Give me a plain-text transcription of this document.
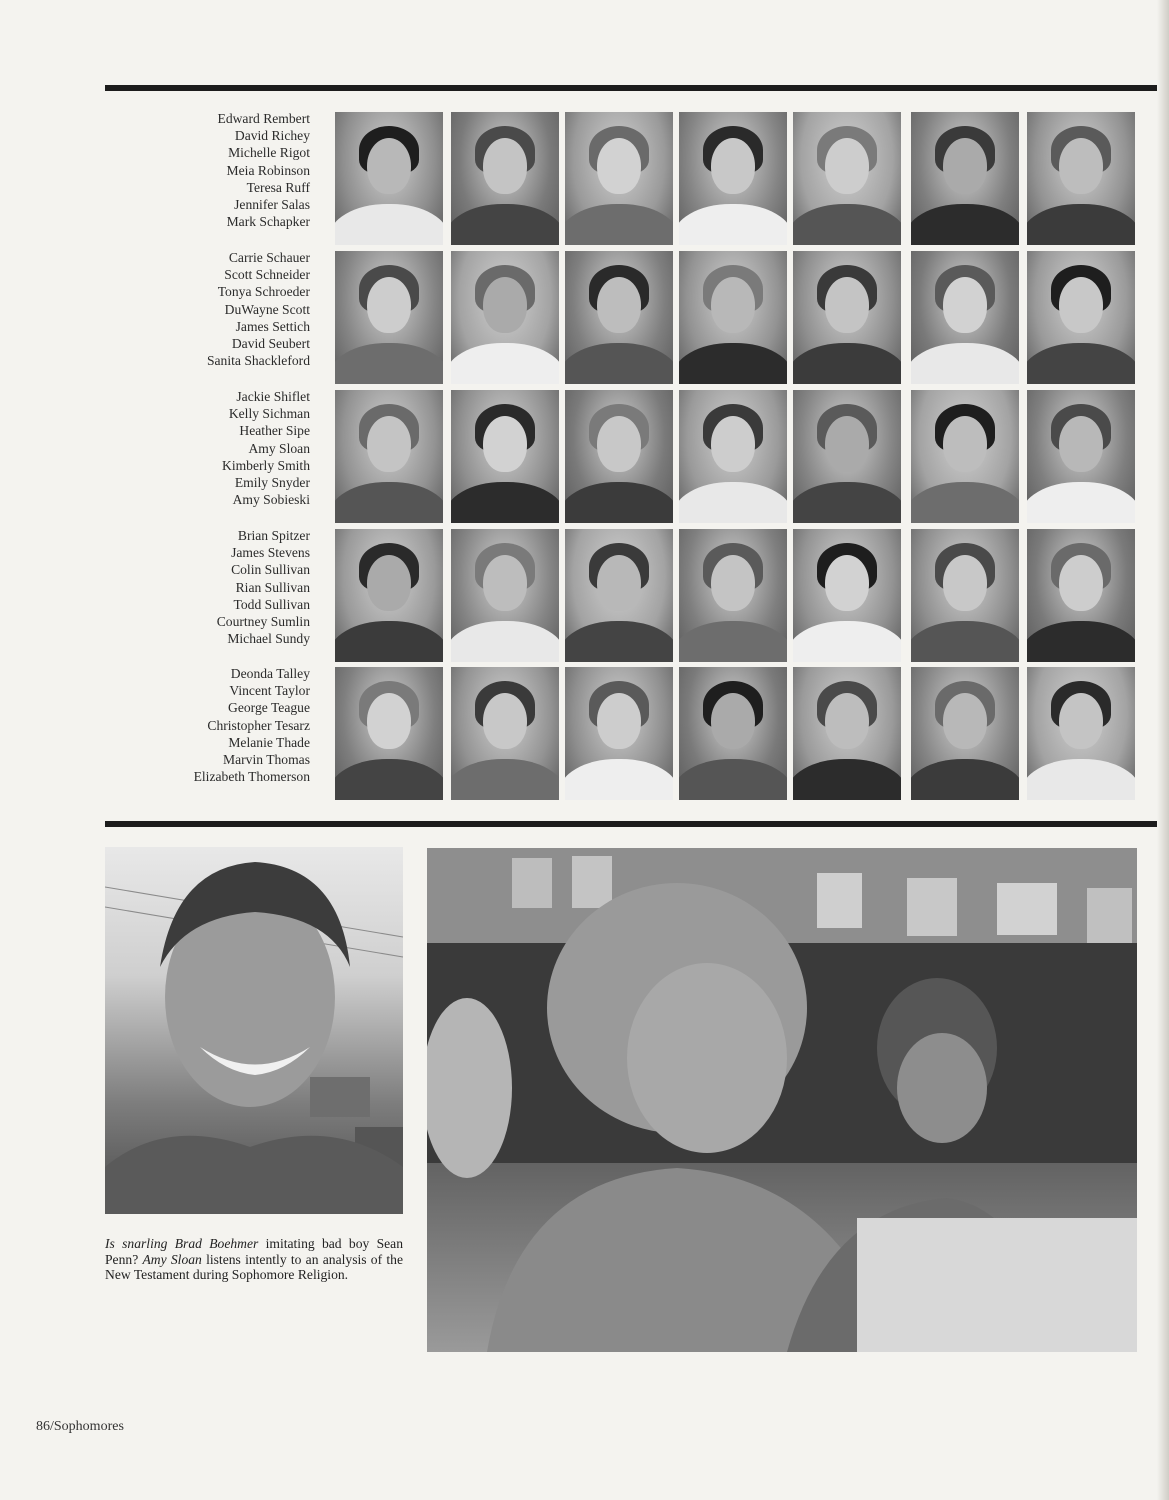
Edward Rembert
David Richey
Michelle Rigot
Meia Robinson
Teresa Ruff
Jennifer Salas
Mark Schapker
Carrie Schauer
Scott Schneider
Tonya Schroeder
DuWayne Scott
James Settich
David Seubert
Sanita Shackleford
Jackie Shiflet
Kelly Sichman
Heather Sipe
Amy Sloan
Kimberly Smith
Emily Snyder
Amy Sobieski
Brian Spitzer
James Stevens
Colin Sullivan
Rian Sullivan
Todd Sullivan
Courtney Sumlin
Michael Sundy
Deonda Talley
Vincent Taylor
George Teague
Christopher Tesarz
Melanie Thade
Marvin Thomas
Elizabeth Thomerson
Is snarling Brad Boehmer imitating bad boy Sean Penn? Amy Sloan listens intently to an analysis of the New Testament during Sophomore Religion.
86/Sophomores
